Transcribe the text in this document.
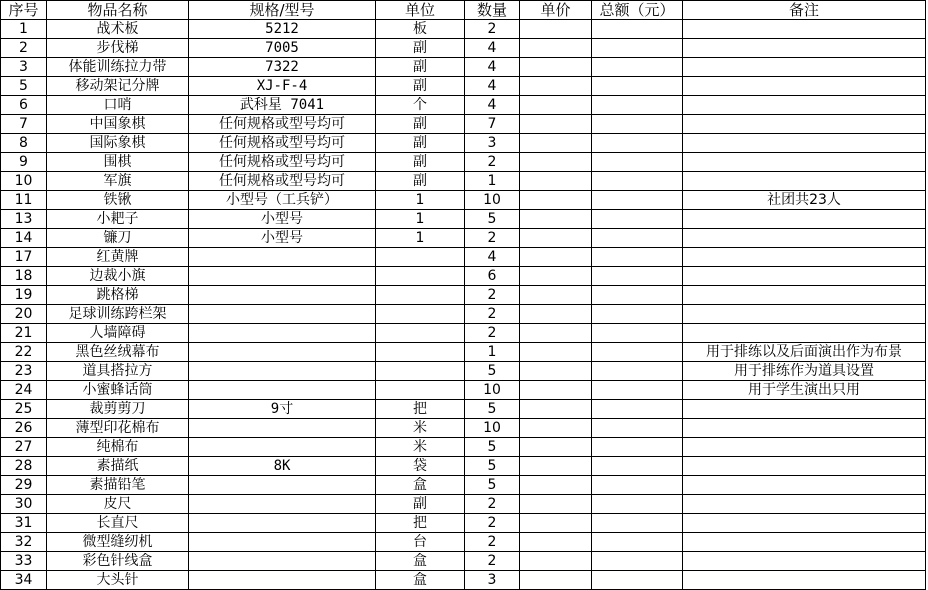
序号	物品名称	规格/型号	单位	数量	单价	总额（元）	备注
1	战术板	5212	板	2			
2	步伐梯	7005	副	4			
3	体能训练拉力带	7322	副	4			
5	移动架记分牌	XJ-F-4	副	4			
6	口哨	武科星 7041	个	4			
7	中国象棋	任何规格或型号均可	副	7			
8	国际象棋	任何规格或型号均可	副	3			
9	围棋	任何规格或型号均可	副	2			
10	军旗	任何规格或型号均可	副	1			
11	铁锹	小型号（工兵铲）	1	10			社团共23人
13	小耙子	小型号	1	5			
14	镰刀	小型号	1	2			
17	红黄牌			4			
18	边裁小旗			6			
19	跳格梯			2			
20	足球训练跨栏架			2			
21	人墙障碍			2			
22	黑色丝绒幕布			1			用于排练以及后面演出作为布景
23	道具搭拉方			5			用于排练作为道具设置
24	小蜜蜂话筒			10			用于学生演出只用
25	裁剪剪刀	9寸	把	5			
26	薄型印花棉布		米	10			
27	纯棉布		米	5			
28	素描纸	8K	袋	5			
29	素描铅笔		盒	5			
30	皮尺		副	2			
31	长直尺		把	2			
32	微型缝纫机		台	2			
33	彩色针线盒		盒	2			
34	大头针		盒	3			
